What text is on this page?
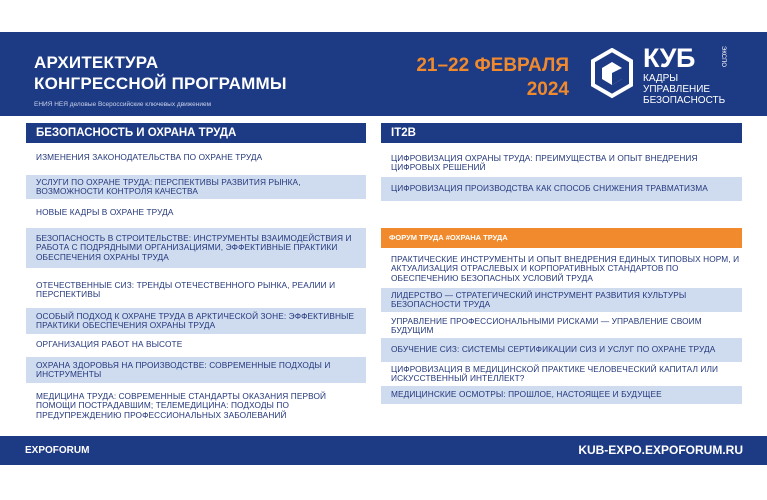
АРХИТЕКТУРА
КОНГРЕССНОЙ ПРОГРАММЫ
ЕНИЯ НЕЯ деловые Всероссийские ключевых движением
21–22 ФЕВРАЛЯ
2024
КУБ	ЭКСПО
КАДРЫ
УПРАВЛЕНИЕ
БЕЗОПАСНОСТЬ
БЕЗОПАСНОСТЬ И ОХРАНА ТРУДА
ИЗМЕНЕНИЯ ЗАКОНОДАТЕЛЬСТВА ПО ОХРАНЕ ТРУДА
УСЛУГИ ПО ОХРАНЕ ТРУДА: ПЕРСПЕКТИВЫ РАЗВИТИЯ РЫНКА, ВОЗМОЖНОСТИ КОНТРОЛЯ КАЧЕСТВА
НОВЫЕ КАДРЫ В ОХРАНЕ ТРУДА
БЕЗОПАСНОСТЬ В СТРОИТЕЛЬСТВЕ: ИНСТРУМЕНТЫ ВЗАИМОДЕЙСТВИЯ И РАБОТА С ПОДРЯДНЫМИ ОРГАНИЗАЦИЯМИ, ЭФФЕКТИВНЫЕ ПРАКТИКИ ОБЕСПЕЧЕНИЯ ОХРАНЫ ТРУДА
ОТЕЧЕСТВЕННЫЕ СИЗ: ТРЕНДЫ ОТЕЧЕСТВЕННОГО РЫНКА, РЕАЛИИ И ПЕРСПЕКТИВЫ
ОСОБЫЙ ПОДХОД К ОХРАНЕ ТРУДА В АРКТИЧЕСКОЙ ЗОНЕ: ЭФФЕКТИВНЫЕ ПРАКТИКИ ОБЕСПЕЧЕНИЯ ОХРАНЫ ТРУДА
ОРГАНИЗАЦИЯ РАБОТ НА ВЫСОТЕ
ОХРАНА ЗДОРОВЬЯ НА ПРОИЗВОДСТВЕ: СОВРЕМЕННЫЕ ПОДХОДЫ И ИНСТРУМЕНТЫ
МЕДИЦИНА ТРУДА: СОВРЕМЕННЫЕ СТАНДАРТЫ ОКАЗАНИЯ ПЕРВОЙ ПОМОЩИ ПОСТРАДАВШИМ; ТЕЛЕМЕДИЦИНА: ПОДХОДЫ ПО ПРЕДУПРЕЖДЕНИЮ ПРОФЕССИОНАЛЬНЫХ ЗАБОЛЕВАНИЙ
IT2B
ЦИФРОВИЗАЦИЯ ОХРАНЫ ТРУДА: ПРЕИМУЩЕСТВА И ОПЫТ ВНЕДРЕНИЯ ЦИФРОВЫХ РЕШЕНИЙ
ЦИФРОВИЗАЦИЯ ПРОИЗВОДСТВА КАК СПОСОБ СНИЖЕНИЯ ТРАВМАТИЗМА
ФОРУМ ТРУДА #ОХРАНА ТРУДА
ПРАКТИЧЕСКИЕ ИНСТРУМЕНТЫ И ОПЫТ ВНЕДРЕНИЯ ЕДИНЫХ ТИПОВЫХ НОРМ, И АКТУАЛИЗАЦИЯ ОТРАСЛЕВЫХ И КОРПОРАТИВНЫХ СТАНДАРТОВ ПО ОБЕСПЕЧЕНИЮ БЕЗОПАСНЫХ УСЛОВИЙ ТРУДА
ЛИДЕРСТВО — СТРАТЕГИЧЕСКИЙ ИНСТРУМЕНТ РАЗВИТИЯ КУЛЬТУРЫ БЕЗОПАСНОСТИ ТРУДА
УПРАВЛЕНИЕ ПРОФЕССИОНАЛЬНЫМИ РИСКАМИ — УПРАВЛЕНИЕ СВОИМ БУДУЩИМ
ОБУЧЕНИЕ СИЗ: СИСТЕМЫ СЕРТИФИКАЦИИ СИЗ И УСЛУГ ПО ОХРАНЕ ТРУДА
ЦИФРОВИЗАЦИЯ В МЕДИЦИНСКОЙ ПРАКТИКЕ ЧЕЛОВЕЧЕСКИЙ КАПИТАЛ ИЛИ ИСКУССТВЕННЫЙ ИНТЕЛЛЕКТ?
МЕДИЦИНСКИЕ ОСМОТРЫ: ПРОШЛОЕ, НАСТОЯЩЕЕ И БУДУЩЕЕ
EXPOFORUM	KUB-EXPO.EXPOFORUM.RU
